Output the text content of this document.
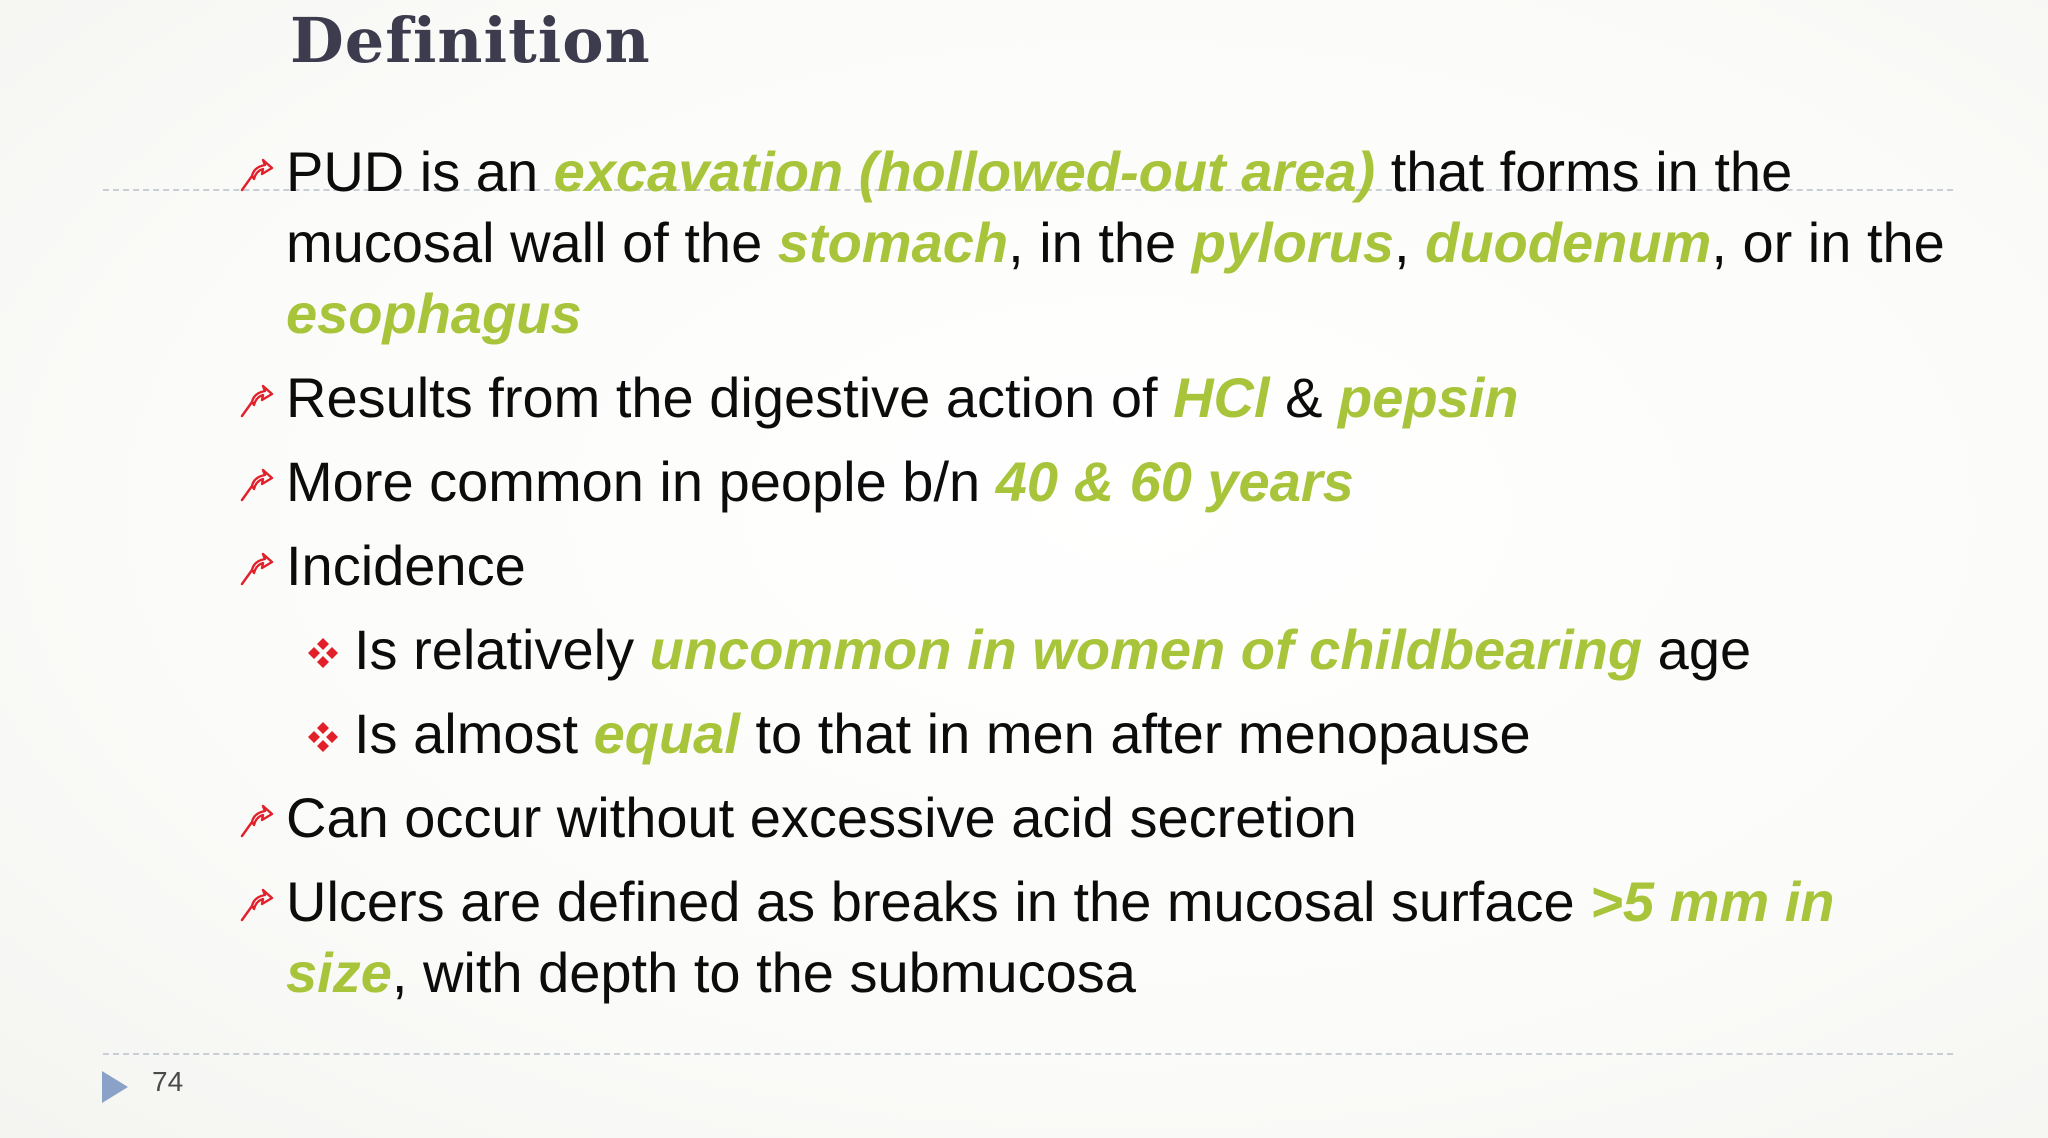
Definition
PUD is an excavation (hollowed-out area) that forms in the mucosal wall of the stomach, in the pylorus, duodenum, or in the esophagus
Results from the digestive action of HCl & pepsin
More common in people b/n 40 & 60 years
Incidence
Is relatively uncommon in women of childbearing age
Is almost equal to that in men after menopause
Can occur without excessive acid secretion
Ulcers are defined as breaks in the mucosal surface >5 mm in size, with depth to the submucosa
74
